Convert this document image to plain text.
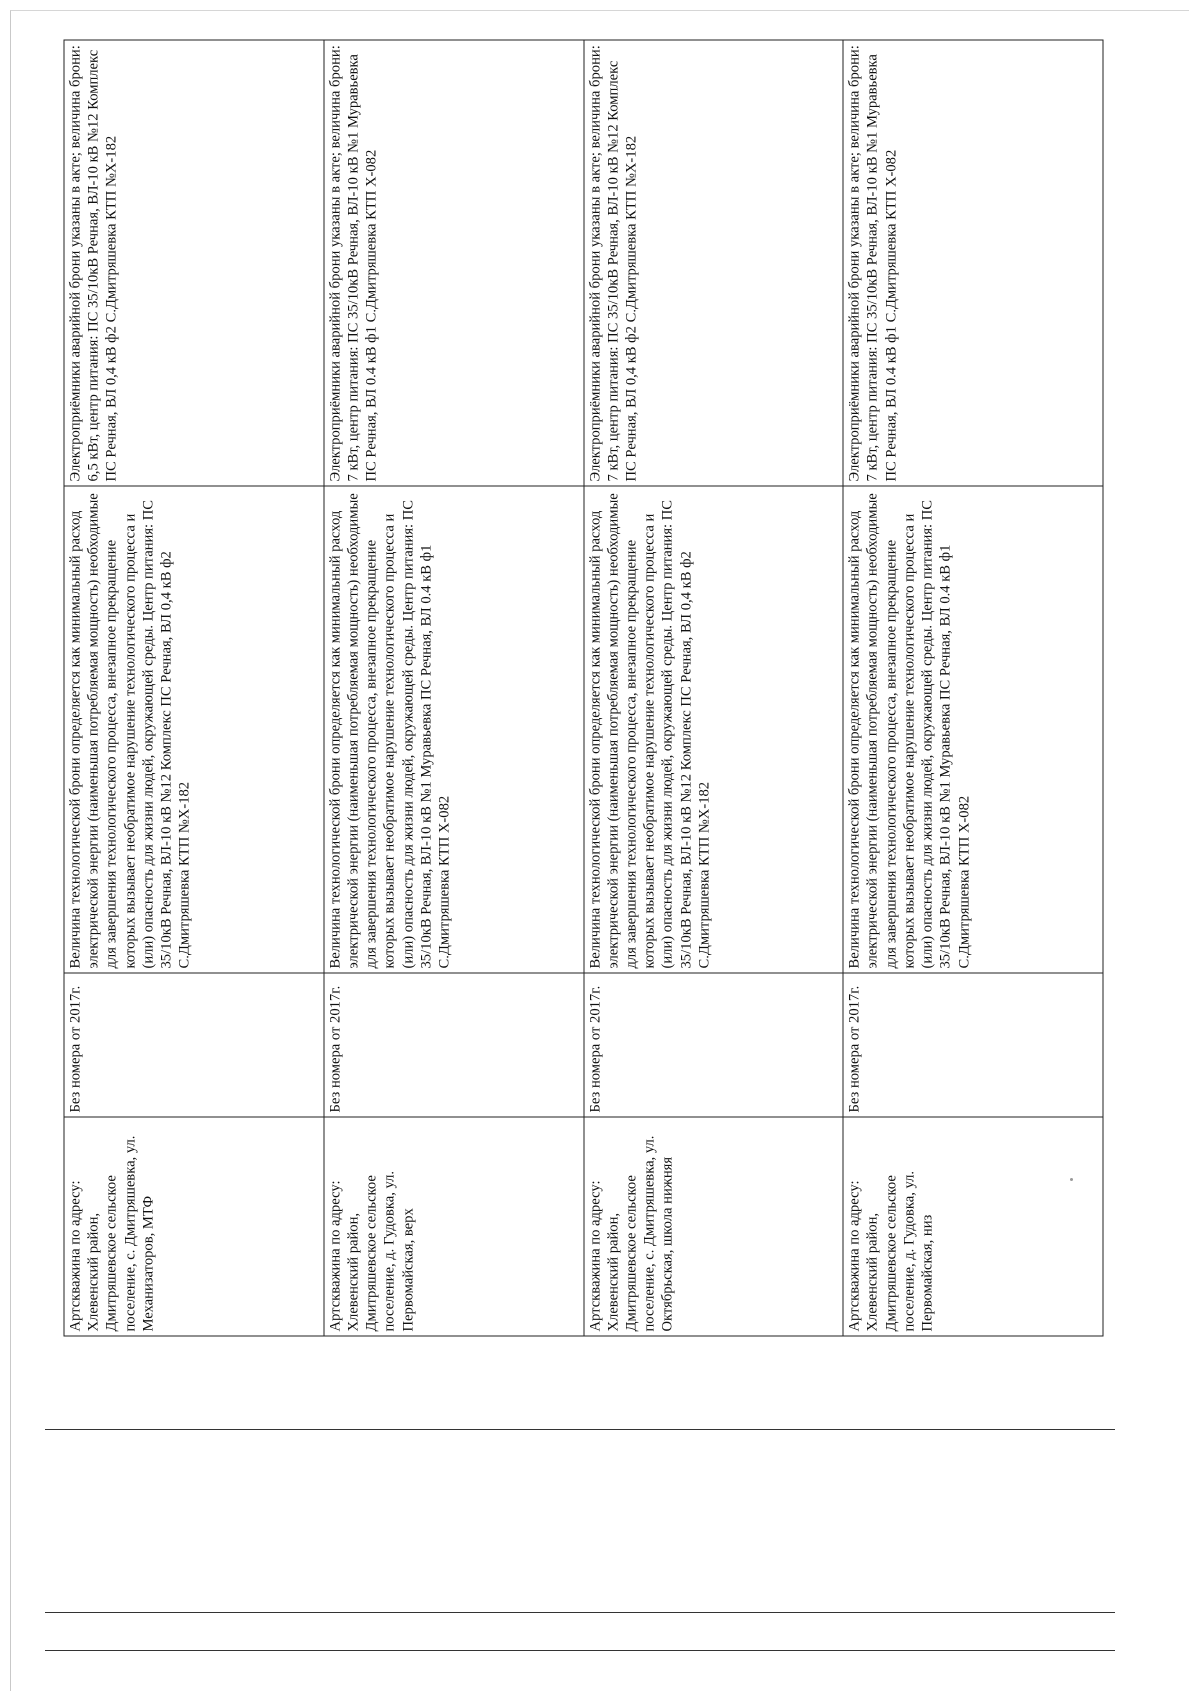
Артскважина по адресу: Хлевенский район, Дмитряшевское сельское поселение, с. Дмитряшевка, ул. Механизаторов, МТФ	Без номера от 2017г.	Величина технологической брони определяется как минимальный расход электрической энергии (наименьшая потребляемая мощность) необходимые для завершения технологического процесса, внезапное прекращение которых вызывает необратимое нарушение технологического процесса и (или) опасность для жизни людей, окружающей среды. Центр питания: ПС 35/10кВ Речная, ВЛ-10 кВ №12 Комплекс ПС Речная, ВЛ 0,4 кВ ф2 С.Дмитряшевка КТП №Х-182	Электроприёмники аварийной брони указаны в акте; величина брони: 6,5 кВт, центр питания: ПС 35/10кВ Речная, ВЛ-10 кВ №12 Комплекс ПС Речная, ВЛ 0,4 кВ ф2 С.Дмитряшевка КТП №Х-182
Артскважина по адресу: Хлевенский район, Дмитряшевское сельское поселение, д. Гудовка, ул. Первомайская, верх	Без номера от 2017г.	Величина технологической брони определяется как минимальный расход электрической энергии (наименьшая потребляемая мощность) необходимые для завершения технологического процесса, внезапное прекращение которых вызывает необратимое нарушение технологического процесса и (или) опасность для жизни людей, окружающей среды. Центр питания: ПС 35/10кВ Речная, ВЛ-10 кВ №1 Муравьевка ПС Речная, ВЛ 0.4 кВ ф1 С.Дмитряшевка КТП Х-082	Электроприёмники аварийной брони указаны в акте; величина брони: 7 кВт, центр питания: ПС 35/10кВ Речная, ВЛ-10 кВ №1 Муравьевка ПС Речная, ВЛ 0.4 кВ ф1 С.Дмитряшевка КТП Х-082
Артскважина по адресу: Хлевенский район, Дмитряшевское сельское поселение, с. Дмитряшевка, ул. Октябрьская, школа нижняя	Без номера от 2017г.	Величина технологической брони определяется как минимальный расход электрической энергии (наименьшая потребляемая мощность) необходимые для завершения технологического процесса, внезапное прекращение которых вызывает необратимое нарушение технологического процесса и (или) опасность для жизни людей, окружающей среды. Центр питания: ПС 35/10кВ Речная, ВЛ-10 кВ №12 Комплекс ПС Речная, ВЛ 0,4 кВ ф2 С.Дмитряшевка КТП №Х-182	Электроприёмники аварийной брони указаны в акте; величина брони: 7 кВт, центр питания: ПС 35/10кВ Речная, ВЛ-10 кВ №12 Комплекс ПС Речная, ВЛ 0,4 кВ ф2 С.Дмитряшевка КТП №Х-182
Артскважина по адресу: Хлевенский район, Дмитряшевское сельское поселение, д. Гудовка, ул. Первомайская, низ	Без номера от 2017г.	Величина технологической брони определяется как минимальный расход электрической энергии (наименьшая потребляемая мощность) необходимые для завершения технологического процесса, внезапное прекращение которых вызывает необратимое нарушение технологического процесса и (или) опасность для жизни людей, окружающей среды. Центр питания: ПС 35/10кВ Речная, ВЛ-10 кВ №1 Муравьевка ПС Речная, ВЛ 0.4 кВ ф1 С.Дмитряшевка КТП Х-082	Электроприёмники аварийной брони указаны в акте; величина брони: 7 кВт, центр питания: ПС 35/10кВ Речная, ВЛ-10 кВ №1 Муравьевка ПС Речная, ВЛ 0.4 кВ ф1 С.Дмитряшевка КТП Х-082
